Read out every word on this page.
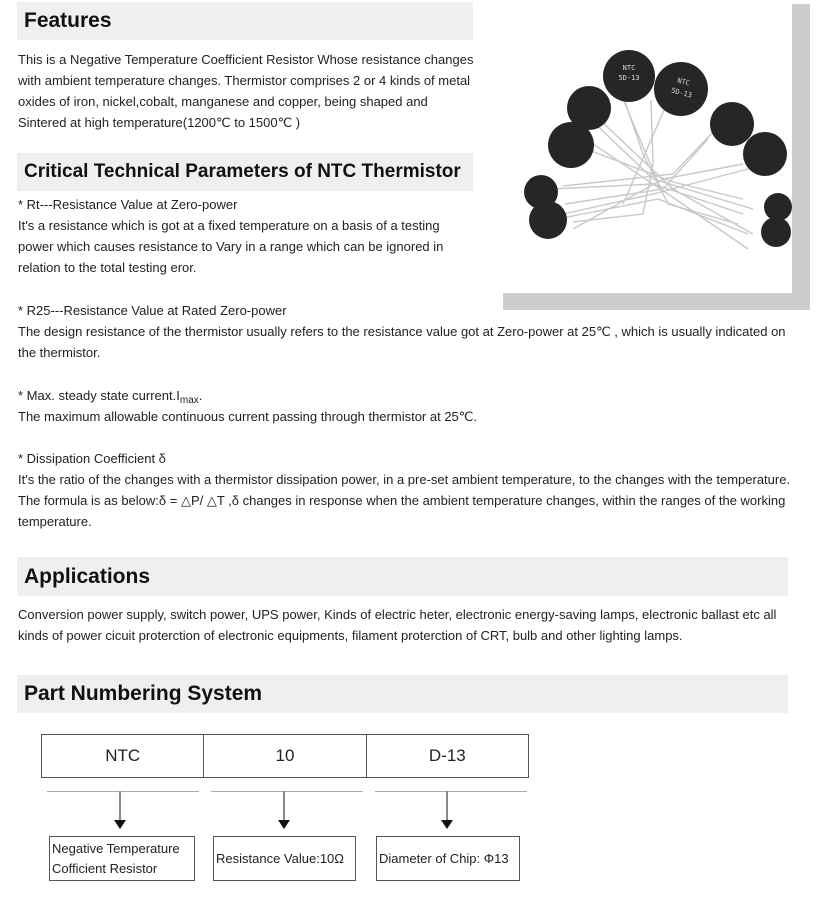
Features

This is a Negative Temperature Coefficient Resistor Whose resistance changes with ambient temperature changes. Thermistor comprises 2 or 4 kinds of metal oxides of iron, nickel,cobalt, manganese and copper, being shaped and Sintered at high temperature(1200℃ to 1500℃ )

Critical Technical Parameters of NTC Thermistor

* Rt---Resistance Value at Zero-power

It's a resistance which is got at a fixed temperature on a basis of a testing power which causes resistance to Vary in a range which can be ignored in relation to the total testing eror.

* R25---Resistance Value at Rated Zero-power

The design resistance of the thermistor usually refers to the resistance value got at Zero-power at 25℃ , which is usually indicated on the thermistor.

* Max. steady state $current.I_{max}$.

The maximum allowable continuous current passing through thermistor at 25℃.

* Dissipation Coefficient δ

It's the ratio of the changes with a thermistor dissipation power, in a pre-set ambient temperature, to the changes with the temperature. The formula is as below:δ = △P/ △T ,δ changes in response when the ambient temperature changes, within the ranges of the working temperature.

NTC
5D-13	NTC
5D-13
Applications

Conversion power supply, switch power, UPS power, Kinds of electric heter, electronic energy-saving lamps, electronic ballast etc all kinds of power cicuit proterction of electronic equipments, filament proterction of CRT, bulb and other lighting lamps.

Part Numbering System
NTC	10	D-13
Negative Temperature Cofficient Resistor
Resistance Value:10Ω	Diameter of Chip: Φ13
